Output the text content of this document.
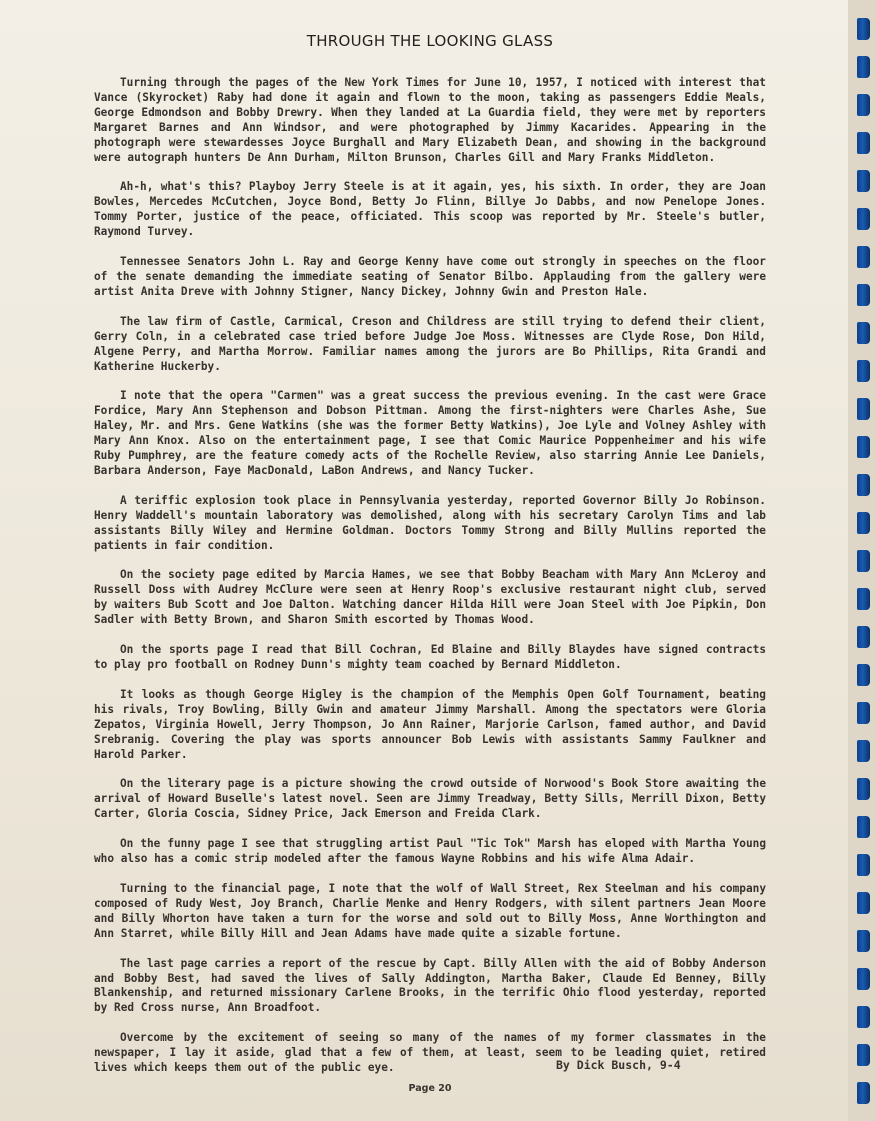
THROUGH THE LOOKING GLASS

Turning through the pages of the New York Times for June 10, 1957, I noticed with interest that Vance (Skyrocket) Raby had done it again and flown to the moon, taking as passengers Eddie Meals, George Edmondson and Bobby Drewry. When they landed at La Guardia field, they were met by reporters Margaret Barnes and Ann Windsor, and were photographed by Jimmy Kacarides. Appearing in the photograph were stewardesses Joyce Burghall and Mary Elizabeth Dean, and showing in the background were autograph hunters De Ann Durham, Milton Brunson, Charles Gill and Mary Franks Middleton.

Ah-h, what's this? Playboy Jerry Steele is at it again, yes, his sixth. In order, they are Joan Bowles, Mercedes McCutchen, Joyce Bond, Betty Jo Flinn, Billye Jo Dabbs, and now Penelope Jones. Tommy Porter, justice of the peace, officiated. This scoop was reported by Mr. Steele's butler, Raymond Turvey.

Tennessee Senators John L. Ray and George Kenny have come out strongly in speeches on the floor of the senate demanding the immediate seating of Senator Bilbo. Applauding from the gallery were artist Anita Dreve with Johnny Stigner, Nancy Dickey, Johnny Gwin and Preston Hale.

The law firm of Castle, Carmical, Creson and Childress are still trying to defend their client, Gerry Coln, in a celebrated case tried before Judge Joe Moss. Witnesses are Clyde Rose, Don Hild, Algene Perry, and Martha Morrow. Familiar names among the jurors are Bo Phillips, Rita Grandi and Katherine Huckerby.

I note that the opera "Carmen" was a great success the previous evening. In the cast were Grace Fordice, Mary Ann Stephenson and Dobson Pittman. Among the first-nighters were Charles Ashe, Sue Haley, Mr. and Mrs. Gene Watkins (she was the former Betty Watkins), Joe Lyle and Volney Ashley with Mary Ann Knox. Also on the entertainment page, I see that Comic Maurice Poppenheimer and his wife Ruby Pumphrey, are the feature comedy acts of the Rochelle Review, also starring Annie Lee Daniels, Barbara Anderson, Faye MacDonald, LaBon Andrews, and Nancy Tucker.

A teriffic explosion took place in Pennsylvania yesterday, reported Governor Billy Jo Robinson. Henry Waddell's mountain laboratory was demolished, along with his secretary Carolyn Tims and lab assistants Billy Wiley and Hermine Goldman. Doctors Tommy Strong and Billy Mullins reported the patients in fair condition.

On the society page edited by Marcia Hames, we see that Bobby Beacham with Mary Ann McLeroy and Russell Doss with Audrey McClure were seen at Henry Roop's exclusive restaurant night club, served by waiters Bub Scott and Joe Dalton. Watching dancer Hilda Hill were Joan Steel with Joe Pipkin, Don Sadler with Betty Brown, and Sharon Smith escorted by Thomas Wood.

On the sports page I read that Bill Cochran, Ed Blaine and Billy Blaydes have signed contracts to play pro football on Rodney Dunn's mighty team coached by Bernard Middleton.

It looks as though George Higley is the champion of the Memphis Open Golf Tournament, beating his rivals, Troy Bowling, Billy Gwin and amateur Jimmy Marshall. Among the spectators were Gloria Zepatos, Virginia Howell, Jerry Thompson, Jo Ann Rainer, Marjorie Carlson, famed author, and David Srebranig. Covering the play was sports announcer Bob Lewis with assistants Sammy Faulkner and Harold Parker.

On the literary page is a picture showing the crowd outside of Norwood's Book Store awaiting the arrival of Howard Buselle's latest novel. Seen are Jimmy Treadway, Betty Sills, Merrill Dixon, Betty Carter, Gloria Coscia, Sidney Price, Jack Emerson and Freida Clark.

On the funny page I see that struggling artist Paul "Tic Tok" Marsh has eloped with Martha Young who also has a comic strip modeled after the famous Wayne Robbins and his wife Alma Adair.

Turning to the financial page, I note that the wolf of Wall Street, Rex Steelman and his company composed of Rudy West, Joy Branch, Charlie Menke and Henry Rodgers, with silent partners Jean Moore and Billy Whorton have taken a turn for the worse and sold out to Billy Moss, Anne Worthington and Ann Starret, while Billy Hill and Jean Adams have made quite a sizable fortune.

The last page carries a report of the rescue by Capt. Billy Allen with the aid of Bobby Anderson and Bobby Best, had saved the lives of Sally Addington, Martha Baker, Claude Ed Benney, Billy Blankenship, and returned missionary Carlene Brooks, in the terrific Ohio flood yesterday, reported by Red Cross nurse, Ann Broadfoot.

Overcome by the excitement of seeing so many of the names of my former classmates in the newspaper, I lay it aside, glad that a few of them, at least, seem to be leading quiet, retired lives which keeps them out of the public eye.	By Dick Busch, 9-4
Page 20
